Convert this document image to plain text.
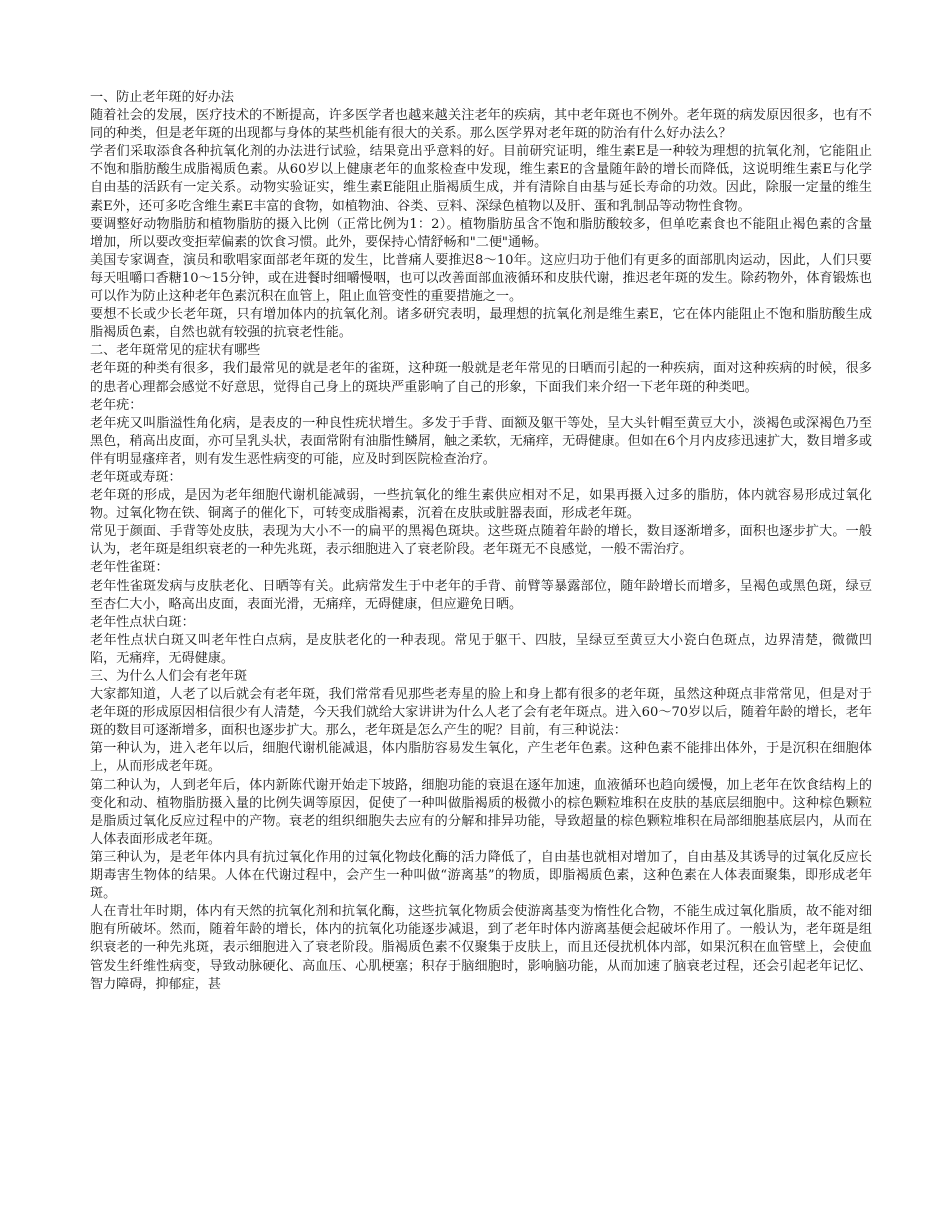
一、防止老年斑的好办法

随着社会的发展，医疗技术的不断提高，许多医学者也越来越关注老年的疾病，其中老年斑也不例外。老年斑的病发原因很多，也有不同的种类，但是老年斑的出现都与身体的某些机能有很大的关系。那么医学界对老年斑的防治有什么好办法么？

学者们采取添食各种抗氧化剂的办法进行试验，结果竟出乎意料的好。目前研究证明，维生素E是一种较为理想的抗氧化剂，它能阻止不饱和脂肪酸生成脂褐质色素。从60岁以上健康老年的血浆检查中发现，维生素E的含量随年龄的增长而降低，这说明维生素E与化学自由基的活跃有一定关系。动物实验证实，维生素E能阻止脂褐质生成，并有清除自由基与延长寿命的功效。因此，除服一定量的维生素E外，还可多吃含维生素E丰富的食物，如植物油、谷类、豆料、深绿色植物以及肝、蛋和乳制品等动物性食物。

要调整好动物脂肪和植物脂肪的摄入比例（正常比例为1：2）。植物脂肪虽含不饱和脂肪酸较多，但单吃素食也不能阻止褐色素的含量增加，所以要改变拒荤偏素的饮食习惯。此外，要保持心情舒畅和"二便"通畅。

美国专家调查，演员和歌唱家面部老年斑的发生，比普痛人要推迟8～10年。这应归功于他们有更多的面部肌肉运动，因此，人们只要每天咀嚼口香糖10～15分钟，或在进餐时细嚼慢咽，也可以改善面部血液循环和皮肤代谢，推迟老年斑的发生。除药物外，体育锻炼也可以作为防止这种老年色素沉积在血管上，阻止血管变性的重要措施之一。

要想不长或少长老年斑，只有增加体内的抗氧化剂。诸多研究表明，最理想的抗氧化剂是维生素E，它在体内能阻止不饱和脂肪酸生成脂褐质色素，自然也就有较强的抗衰老性能。

二、老年斑常见的症状有哪些

老年斑的种类有很多，我们最常见的就是老年的雀斑，这种斑一般就是老年常见的日晒而引起的一种疾病，面对这种疾病的时候，很多的患者心理都会感觉不好意思，觉得自己身上的斑块严重影响了自己的形象，下面我们来介绍一下老年斑的种类吧。

老年疣：

老年疣又叫脂溢性角化病，是表皮的一种良性疣状增生。多发于手背、面额及躯干等处，呈大头针帽至黄豆大小，淡褐色或深褐色乃至黑色，稍高出皮面，亦可呈乳头状，表面常附有油脂性鳞屑，触之柔软，无痛痒，无碍健康。但如在6个月内皮疹迅速扩大，数目增多或伴有明显瘙痒者，则有发生恶性病变的可能，应及时到医院检查治疗。

老年斑或寿斑：

老年斑的形成，是因为老年细胞代谢机能减弱，一些抗氧化的维生素供应相对不足，如果再摄入过多的脂肪，体内就容易形成过氧化物。过氧化物在铁、铜离子的催化下，可转变成脂褐素，沉着在皮肤或脏器表面，形成老年斑。

常见于颜面、手背等处皮肤，表现为大小不一的扁平的黑褐色斑块。这些斑点随着年龄的增长，数目逐渐增多，面积也逐步扩大。一般认为，老年斑是组织衰老的一种先兆斑，表示细胞进入了衰老阶段。老年斑无不良感觉，一般不需治疗。

老年性雀斑：

老年性雀斑发病与皮肤老化、日晒等有关。此病常发生于中老年的手背、前臂等暴露部位，随年龄增长而增多，呈褐色或黑色斑，绿豆至杏仁大小，略高出皮面，表面光滑，无痛痒，无碍健康，但应避免日晒。

老年性点状白斑：

老年性点状白斑又叫老年性白点病，是皮肤老化的一种表现。常见于躯干、四肢，呈绿豆至黄豆大小瓷白色斑点，边界清楚，微微凹陷，无痛痒，无碍健康。

三、为什么人们会有老年斑

大家都知道，人老了以后就会有老年斑，我们常常看见那些老寿星的脸上和身上都有很多的老年斑，虽然这种斑点非常常见，但是对于老年斑的形成原因相信很少有人清楚，今天我们就给大家讲讲为什么人老了会有老年斑点。进入60～70岁以后，随着年龄的增长，老年斑的数目可逐渐增多，面积也逐步扩大。那么，老年斑是怎么产生的呢？目前，有三种说法：

第一种认为，进入老年以后，细胞代谢机能减退，体内脂肪容易发生氧化，产生老年色素。这种色素不能排出体外，于是沉积在细胞体上，从而形成老年斑。

第二种认为，人到老年后，体内新陈代谢开始走下坡路，细胞功能的衰退在逐年加速，血液循环也趋向缓慢，加上老年在饮食结构上的变化和动、植物脂肪摄入量的比例失调等原因，促使了一种叫做脂褐质的极微小的棕色颗粒堆积在皮肤的基底层细胞中。这种棕色颗粒是脂质过氧化反应过程中的产物。衰老的组织细胞失去应有的分解和排异功能，导致超量的棕色颗粒堆积在局部细胞基底层内，从而在人体表面形成老年斑。

第三种认为，是老年体内具有抗过氧化作用的过氧化物歧化酶的活力降低了，自由基也就相对增加了，自由基及其诱导的过氧化反应长期毒害生物体的结果。人体在代谢过程中，会产生一种叫做“游离基”的物质，即脂褐质色素，这种色素在人体表面聚集，即形成老年斑。

人在青壮年时期，体内有天然的抗氧化剂和抗氧化酶，这些抗氧化物质会使游离基变为惰性化合物，不能生成过氧化脂质，故不能对细胞有所破坏。然而，随着年龄的增长，体内的抗氧化功能逐步减退，到了老年时体内游离基便会起破坏作用了。一般认为，老年斑是组织衰老的一种先兆斑，表示细胞进入了衰老阶段。脂褐质色素不仅聚集于皮肤上，而且还侵扰机体内部，如果沉积在血管壁上，会使血管发生纤维性病变，导致动脉硬化、高血压、心肌梗塞；积存于脑细胞时，影响脑功能，从而加速了脑衰老过程，还会引起老年记忆、智力障碍，抑郁症，甚
